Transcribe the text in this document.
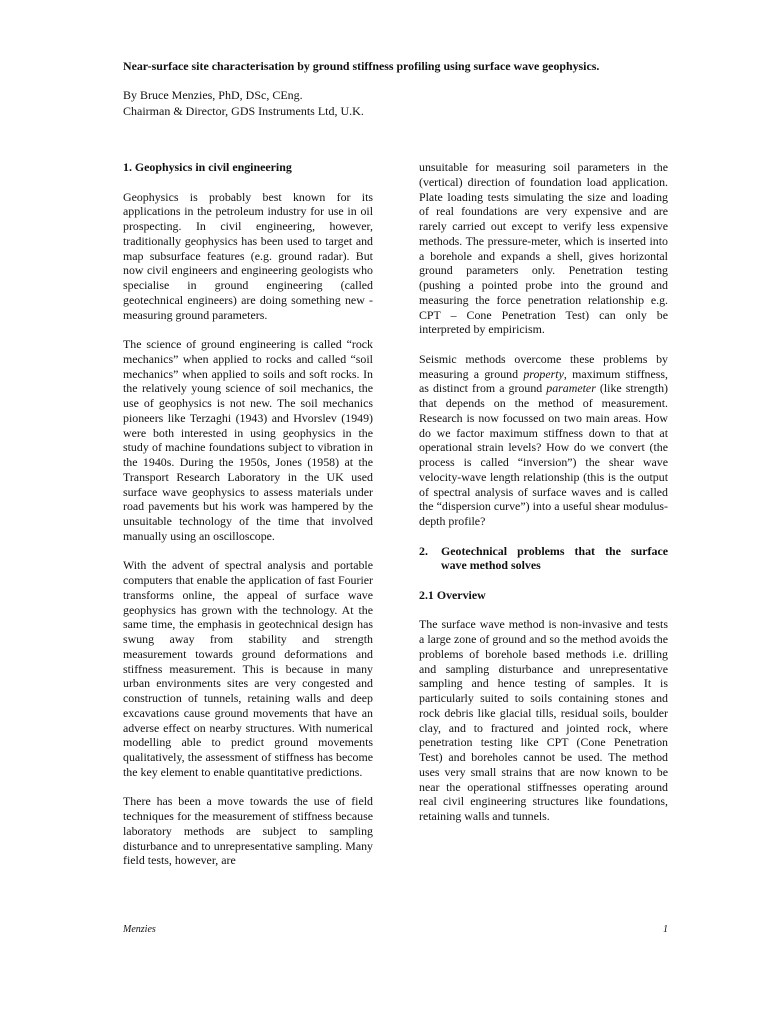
Near-surface site characterisation by ground stiffness profiling using surface wave geophysics.
By Bruce Menzies, PhD, DSc, CEng.
Chairman & Director, GDS Instruments Ltd, U.K.
1. Geophysics in civil engineering

Geophysics is probably best known for its applications in the petroleum industry for use in oil prospecting. In civil engineering, however, traditionally geophysics has been used to target and map subsurface features (e.g. ground radar). But now civil engineers and engineering geologists who specialise in ground engineering (called geotechnical engineers) are doing something new - measuring ground parameters.

The science of ground engineering is called “rock mechanics” when applied to rocks and called “soil mechanics” when applied to soils and soft rocks. In the relatively young science of soil mechanics, the use of geophysics is not new. The soil mechanics pioneers like Terzaghi (1943) and Hvorslev (1949) were both interested in using geophysics in the study of machine foundations subject to vibration in the 1940s. During the 1950s, Jones (1958) at the Transport Research Laboratory in the UK used surface wave geophysics to assess materials under road pavements but his work was hampered by the unsuitable technology of the time that involved manually using an oscilloscope.

With the advent of spectral analysis and portable computers that enable the application of fast Fourier transforms online, the appeal of surface wave geophysics has grown with the technology. At the same time, the emphasis in geotechnical design has swung away from stability and strength measurement towards ground deformations and stiffness measurement. This is because in many urban environments sites are very congested and construction of tunnels, retaining walls and deep excavations cause ground movements that have an adverse effect on nearby structures. With numerical modelling able to predict ground movements qualitatively, the assessment of stiffness has become the key element to enable quantitative predictions.

There has been a move towards the use of field techniques for the measurement of stiffness because laboratory methods are subject to sampling disturbance and to unrepresentative sampling. Many field tests, however, are

unsuitable for measuring soil parameters in the (vertical) direction of foundation load application. Plate loading tests simulating the size and loading of real foundations are very expensive and are rarely carried out except to verify less expensive methods. The pressure-meter, which is inserted into a borehole and expands a shell, gives horizontal ground parameters only. Penetration testing (pushing a pointed probe into the ground and measuring the force penetration relationship e.g. CPT – Cone Penetration Test) can only be interpreted by empiricism.

Seismic methods overcome these problems by measuring a ground property, maximum stiffness, as distinct from a ground parameter (like strength) that depends on the method of measurement. Research is now focussed on two main areas. How do we factor maximum stiffness down to that at operational strain levels? How do we convert (the process is called “inversion”) the shear wave velocity-wave length relationship (this is the output of spectral analysis of surface waves and is called the “dispersion curve”) into a useful shear modulus-depth profile?

2.	Geotechnical problems that the surface wave method solves
2.1 Overview

The surface wave method is non-invasive and tests a large zone of ground and so the method avoids the problems of borehole based methods i.e. drilling and sampling disturbance and unrepresentative sampling and hence testing of samples. It is particularly suited to soils containing stones and rock debris like glacial tills, residual soils, boulder clay, and to fractured and jointed rock, where penetration testing like CPT (Cone Penetration Test) and boreholes cannot be used. The method uses very small strains that are now known to be near the operational stiffnesses operating around real civil engineering structures like foundations, retaining walls and tunnels.

Menzies	1
